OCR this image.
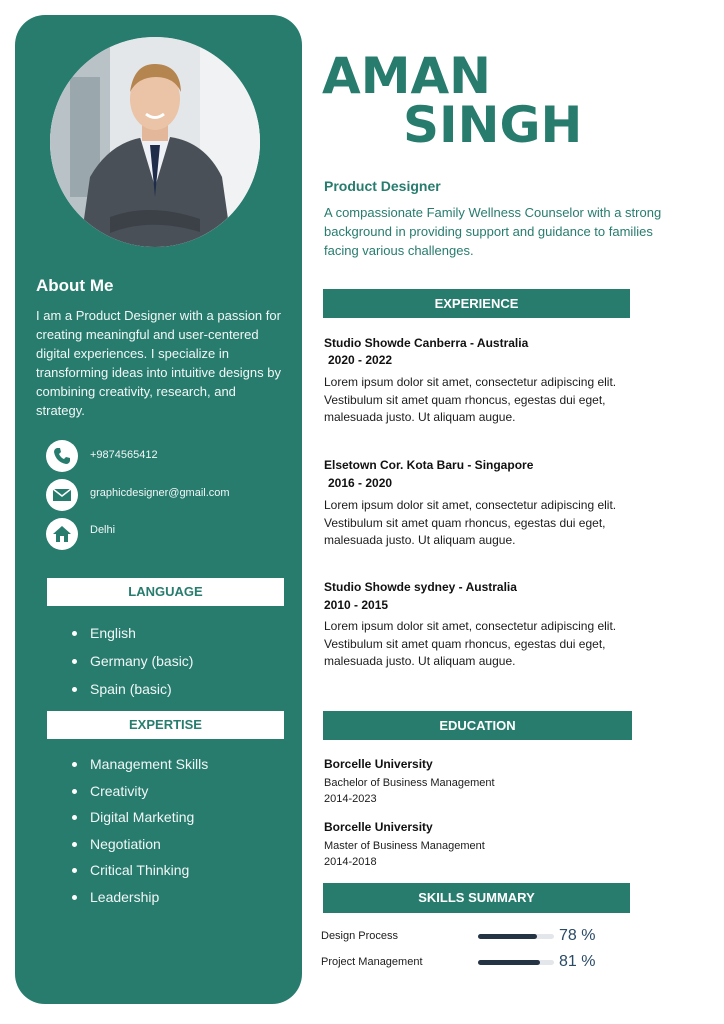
About Me
I am a Product Designer with a passion for creating meaningful and user-centered digital experiences. I specialize in transforming ideas into intuitive designs by combining creativity, research, and strategy.
+9874565412
graphicdesigner@gmail.com
Delhi
LANGUAGE
English
Germany (basic)
Spain (basic)
EXPERTISE
Management Skills
Creativity
Digital Marketing
Negotiation
Critical Thinking
Leadership
AMAN
SINGH
Product Designer
A compassionate Family Wellness Counselor with a strong background in providing support and guidance to families facing various challenges.
EXPERIENCE
Studio Showde Canberra - Australia
2020 - 2022
Lorem ipsum dolor sit amet, consectetur adipiscing elit. Vestibulum sit amet quam rhoncus, egestas dui eget, malesuada justo. Ut aliquam augue.
Elsetown Cor. Kota Baru - Singapore
2016 - 2020
Lorem ipsum dolor sit amet, consectetur adipiscing elit. Vestibulum sit amet quam rhoncus, egestas dui eget, malesuada justo. Ut aliquam augue.
Studio Showde sydney - Australia
2010 - 2015
Lorem ipsum dolor sit amet, consectetur adipiscing elit. Vestibulum sit amet quam rhoncus, egestas dui eget, malesuada justo. Ut aliquam augue.
EDUCATION
Borcelle University
Bachelor of Business Management
2014-2023
Borcelle University
Master of Business Management
2014-2018
SKILLS SUMMARY
Design Process	78 %
Project Management	81 %
